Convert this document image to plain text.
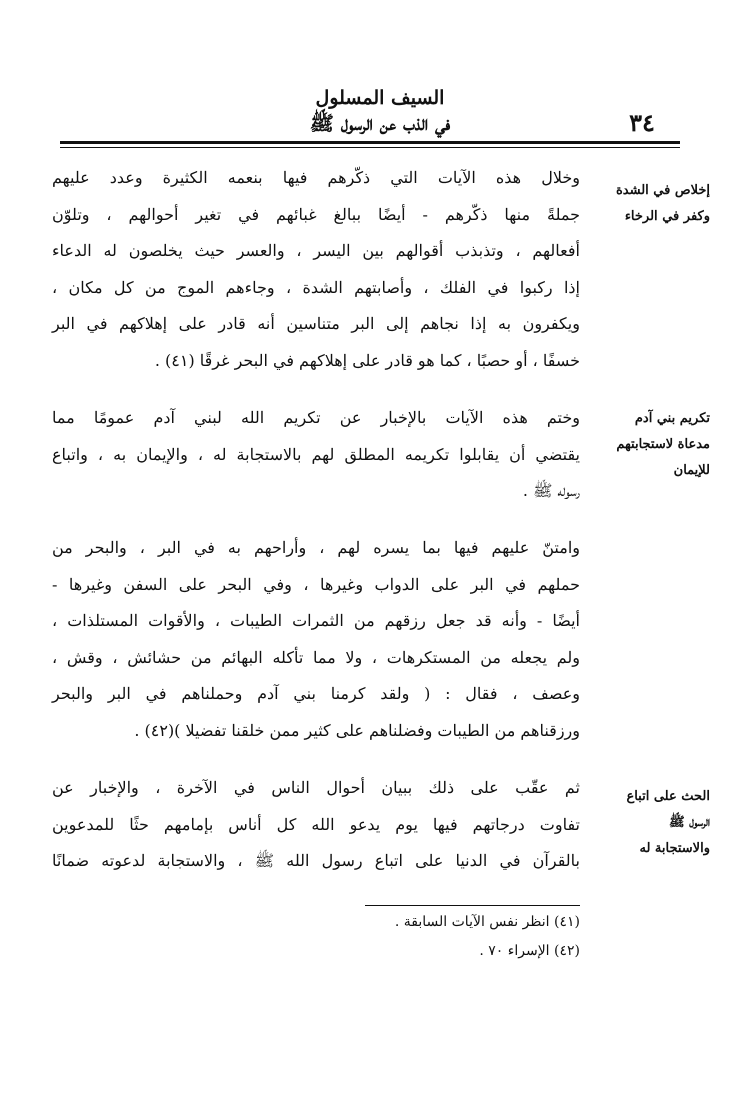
٣٤
السيف المسلول
في الذب عن الرسول ﷺ
إخلاص في الشدة
وكفر في الرخاء
تكريم بني آدم
مدعاة لاستجابتهم
للإيمان
الحث على اتباع
الرسول ﷺ
والاستجابة له
وخلال هذه الآيات التي ذكّرهم فيها بنعمه الكثيرة وعدد عليهم
جملةً منها ذكّرهم - أيضًا ببالغ غبائهم في تغير أحوالهم ، وتلوّن
أفعالهم ، وتذبذب أقوالهم بين اليسر ، والعسر حيث يخلصون له الدعاء
إذا ركبوا في الفلك ، وأصابتهم الشدة ، وجاءهم الموج من كل مكان ،
ويكفرون به إذا نجاهم إلى البر متناسين أنه قادر على إهلاكهم في البر
خسفًا ، أو حصبًا ، كما هو قادر على إهلاكهم في البحر غرقًا (٤١) .
وختم هذه الآيات بالإخبار عن تكريم الله لبني آدم عمومًا مما
يقتضي أن يقابلوا تكريمه المطلق لهم بالاستجابة له ، والإيمان به ، واتباع
رسوله ﷺ .
وامتنّ عليهم فيها بما يسره لهم ، وأراحهم به في البر ، والبحر من
حملهم في البر على الدواب وغيرها ، وفي البحر على السفن وغيرها -
أيضًا - وأنه قد جعل رزقهم من الثمرات الطيبات ، والأقوات المستلذات ،
ولم يجعله من المستكرهات ، ولا مما تأكله البهائم من حشائش ، وقش ،
وعصف ، فقال : ( ولقد كرمنا بني آدم وحملناهم في البر والبحر
ورزقناهم من الطيبات وفضلناهم على كثير ممن خلقنا تفضيلا )(٤٢) .
ثم عقّب على ذلك ببيان أحوال الناس في الآخرة ، والإخبار عن
تفاوت درجاتهم فيها يوم يدعو الله كل أناس بإمامهم حثًا للمدعوين
بالقرآن في الدنيا على اتباع رسول الله ﷺ ، والاستجابة لدعوته ضمانًا
(٤١) انظر نفس الآيات السابقة .
(٤٢) الإسراء ٧٠ .
